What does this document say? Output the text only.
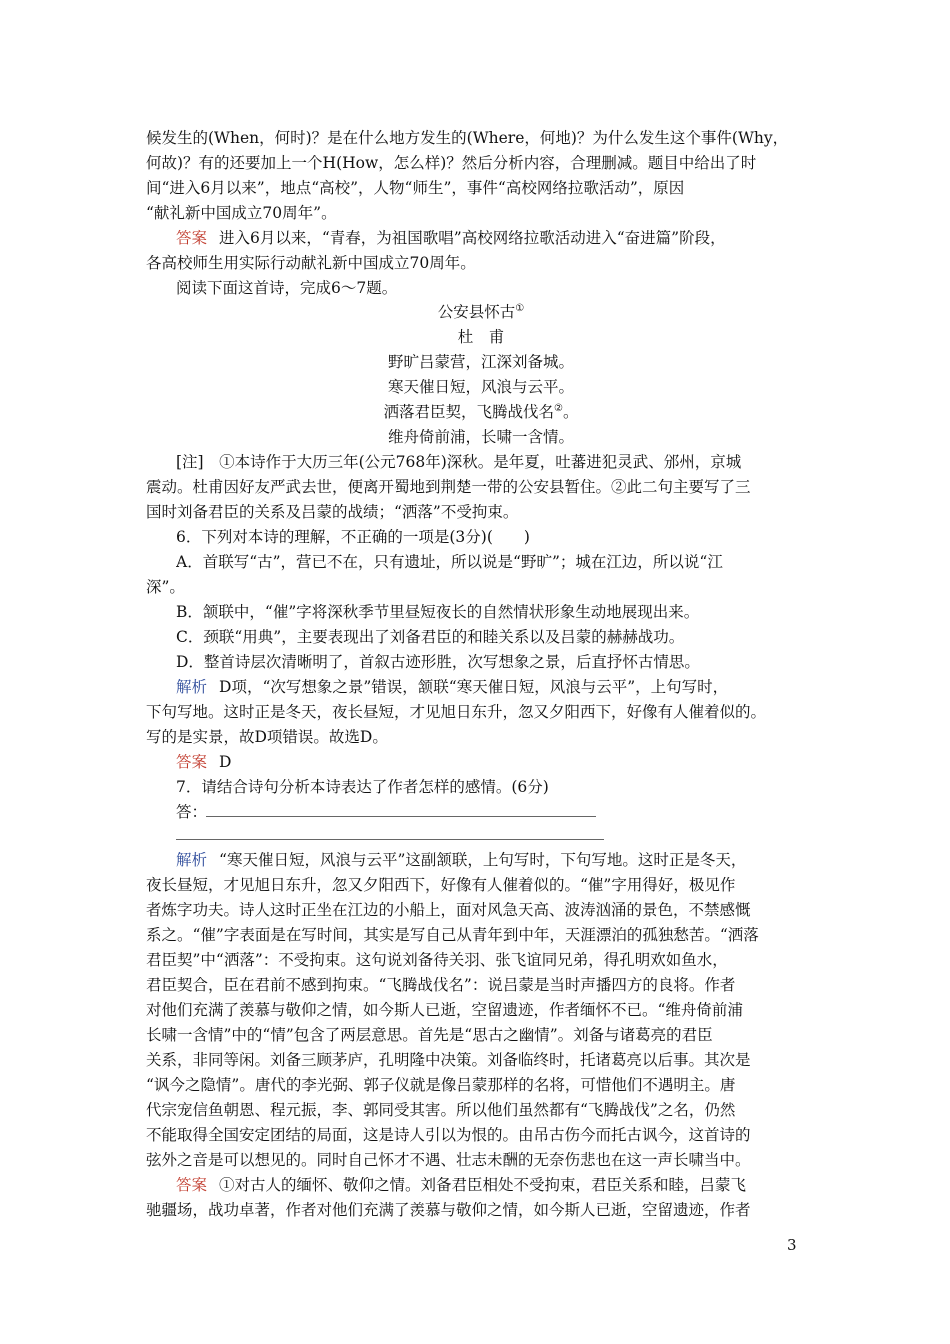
候发生的(When，何时)？是在什么地方发生的(Where，何地)？为什么发生这个事件(Why，
何故)？有的还要加上一个H(How，怎么样)？然后分析内容，合理删减。题目中给出了时
间“进入6月以来”，地点“高校”，人物“师生”，事件“高校网络拉歌活动”，原因
“献礼新中国成立70周年”。
答案 进入6月以来，“青春，为祖国歌唱”高校网络拉歌活动进入“奋进篇”阶段，
各高校师生用实际行动献礼新中国成立70周年。
阅读下面这首诗，完成6～7题。
公安县怀古①
杜　甫
野旷吕蒙营，江深刘备城。
寒天催日短，风浪与云平。
洒落君臣契，飞腾战伐名②。
维舟倚前浦，长啸一含情。
[注]　①本诗作于大历三年(公元768年)深秋。是年夏，吐蕃进犯灵武、邠州，京城
震动。杜甫因好友严武去世，便离开蜀地到荆楚一带的公安县暂住。②此二句主要写了三
国时刘备君臣的关系及吕蒙的战绩；“洒落”不受拘束。
6．下列对本诗的理解，不正确的一项是(3分)(　　)
A．首联写“古”，营已不在，只有遗址，所以说是“野旷”；城在江边，所以说“江
深”。
B．颔联中，“催”字将深秋季节里昼短夜长的自然情状形象生动地展现出来。
C．颈联“用典”，主要表现出了刘备君臣的和睦关系以及吕蒙的赫赫战功。
D．整首诗层次清晰明了，首叙古迹形胜，次写想象之景，后直抒怀古情思。
解析 D项，“次写想象之景”错误，颔联“寒天催日短，风浪与云平”，上句写时，
下句写地。这时正是冬天，夜长昼短，才见旭日东升，忽又夕阳西下，好像有人催着似的。
写的是实景，故D项错误。故选D。
答案 D
7．请结合诗句分析本诗表达了作者怎样的感情。(6分)
答：
解析 “寒天催日短，风浪与云平”这副颔联，上句写时，下句写地。这时正是冬天，
夜长昼短，才见旭日东升，忽又夕阳西下，好像有人催着似的。“催”字用得好，极见作
者炼字功夫。诗人这时正坐在江边的小船上，面对风急天高、波涛汹涌的景色，不禁感慨
系之。“催”字表面是在写时间，其实是写自己从青年到中年，天涯漂泊的孤独愁苦。“洒落
君臣契”中“洒落”：不受拘束。这句说刘备待关羽、张飞谊同兄弟，得孔明欢如鱼水，
君臣契合，臣在君前不感到拘束。“飞腾战伐名”：说吕蒙是当时声播四方的良将。作者
对他们充满了羡慕与敬仰之情，如今斯人已逝，空留遗迹，作者缅怀不已。“维舟倚前浦
长啸一含情”中的“情”包含了两层意思。首先是“思古之幽情”。刘备与诸葛亮的君臣
关系，非同等闲。刘备三顾茅庐，孔明隆中决策。刘备临终时，托诸葛亮以后事。其次是
“讽今之隐情”。唐代的李光弼、郭子仪就是像吕蒙那样的名将，可惜他们不遇明主。唐
代宗宠信鱼朝恩、程元振，李、郭同受其害。所以他们虽然都有“飞腾战伐”之名，仍然
不能取得全国安定团结的局面，这是诗人引以为恨的。由吊古伤今而托古讽今，这首诗的
弦外之音是可以想见的。同时自己怀才不遇、壮志未酬的无奈伤悲也在这一声长啸当中。
答案 ①对古人的缅怀、敬仰之情。刘备君臣相处不受拘束，君臣关系和睦，吕蒙飞
驰疆场，战功卓著，作者对他们充满了羡慕与敬仰之情，如今斯人已逝，空留遗迹，作者
3
